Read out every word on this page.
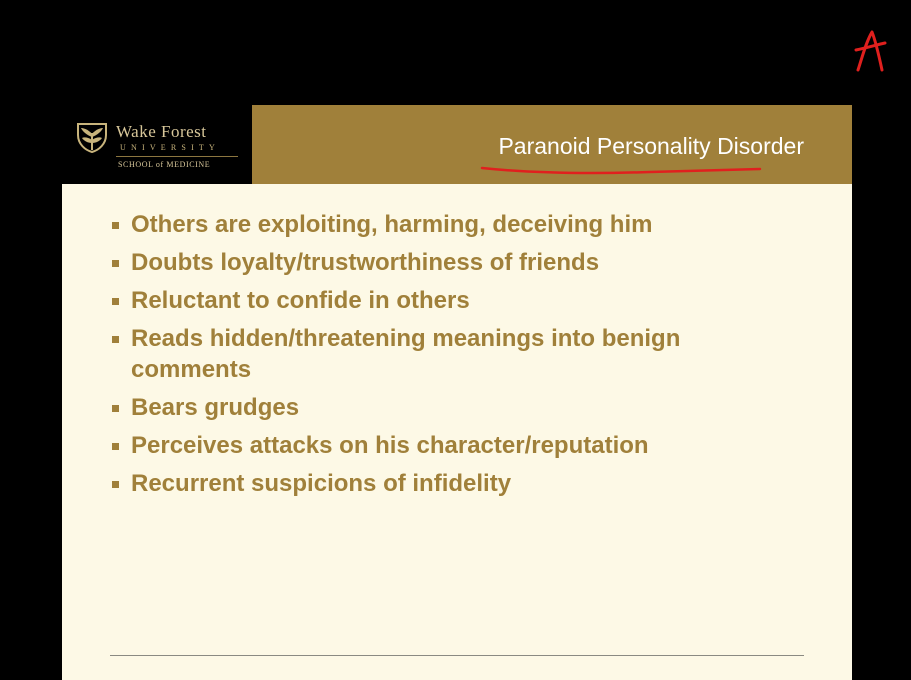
Wake Forest
UNIVERSITY
SCHOOL of MEDICINE
Paranoid Personality Disorder
Others are exploiting, harming, deceiving him
Doubts loyalty/trustworthiness of friends
Reluctant to confide in others
Reads hidden/threatening meanings into benign comments
Bears grudges
Perceives attacks on his character/reputation
Recurrent suspicions of infidelity
